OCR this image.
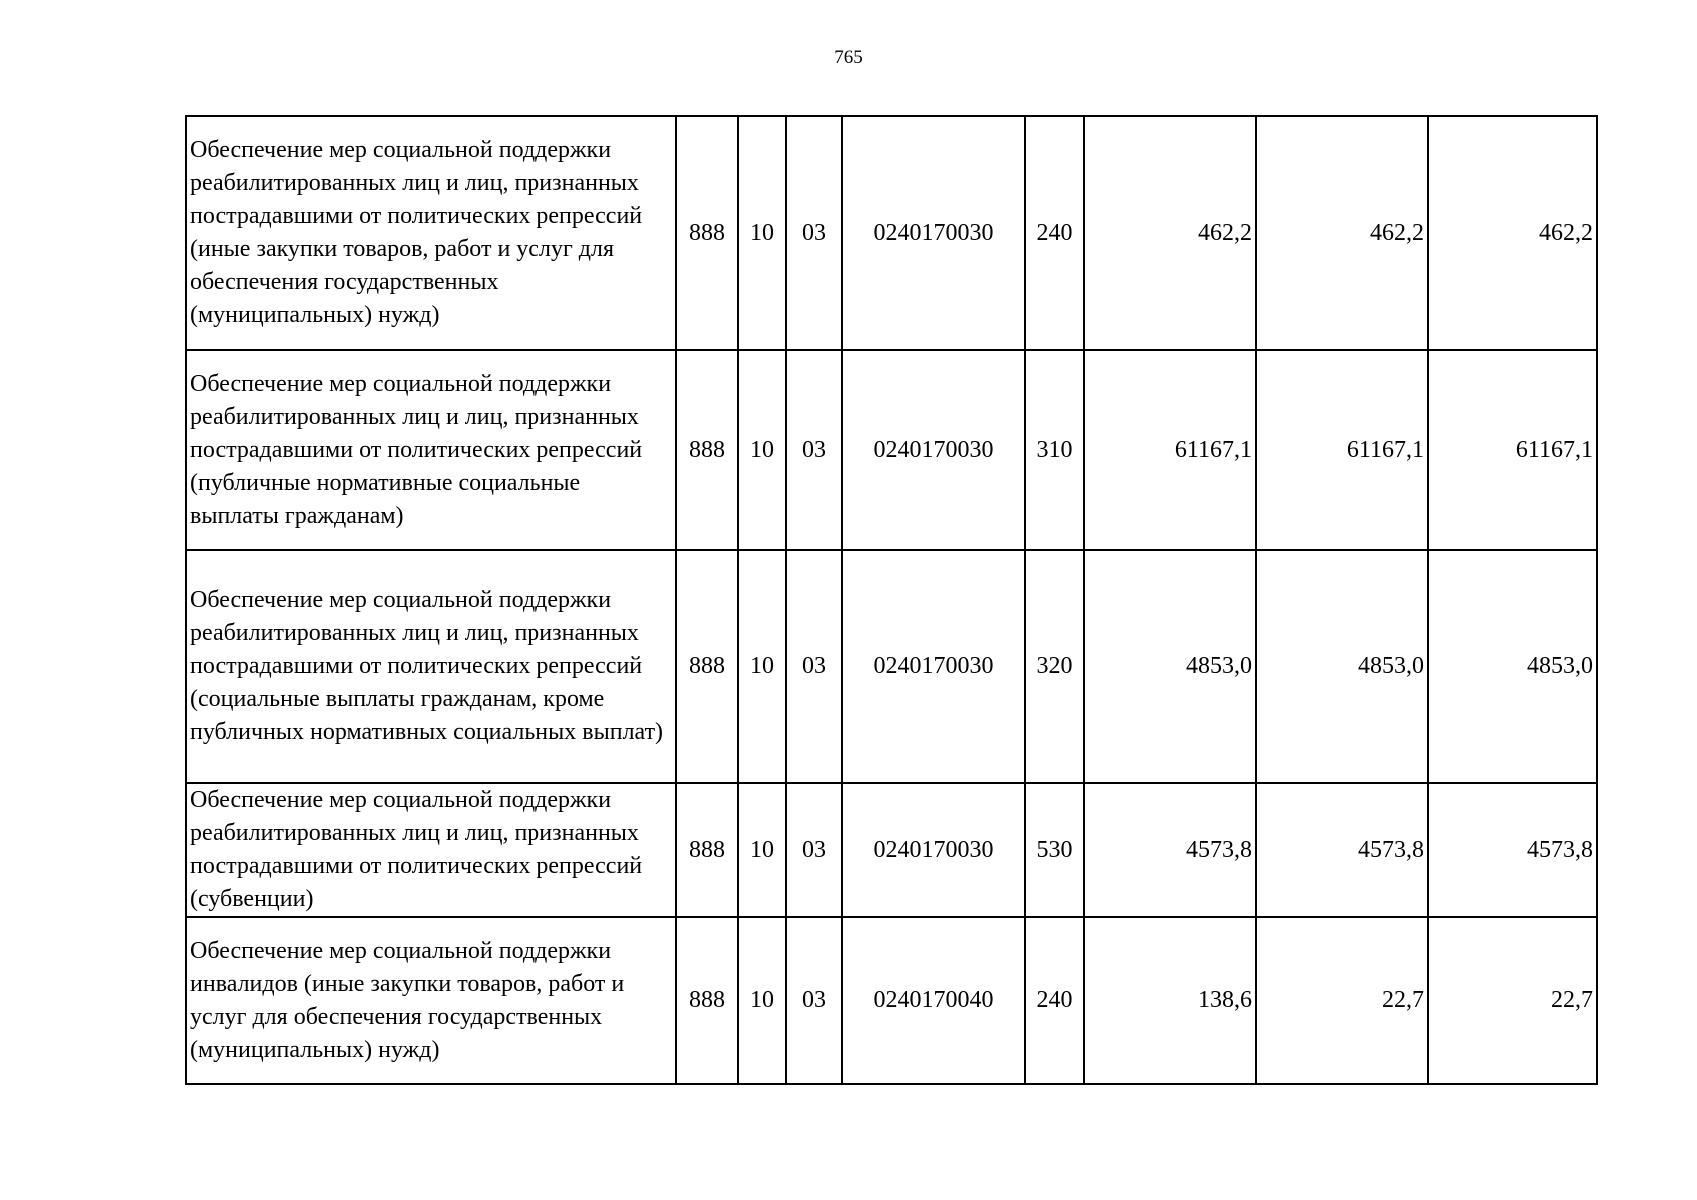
765
Обеспечение мер социальной поддержки реабилитированных лиц и лиц, признанных пострадавшими от политических репрессий (иные закупки товаров, работ и услуг для обеспечения государственных (муниципальных) нужд)	888	10	03	0240170030	240	462,2	462,2	462,2
Обеспечение мер социальной поддержки реабилитированных лиц и лиц, признанных пострадавшими от политических репрессий (публичные нормативные социальные выплаты гражданам)	888	10	03	0240170030	310	61167,1	61167,1	61167,1
Обеспечение мер социальной поддержки реабилитированных лиц и лиц, признанных пострадавшими от политических репрессий (социальные выплаты гражданам, кроме публичных нормативных социальных выплат)	888	10	03	0240170030	320	4853,0	4853,0	4853,0
Обеспечение мер социальной поддержки реабилитированных лиц и лиц, признанных пострадавшими от политических репрессий (субвенции)	888	10	03	0240170030	530	4573,8	4573,8	4573,8
Обеспечение мер социальной поддержки инвалидов (иные закупки товаров, работ и услуг для обеспечения государственных (муниципальных) нужд)	888	10	03	0240170040	240	138,6	22,7	22,7
